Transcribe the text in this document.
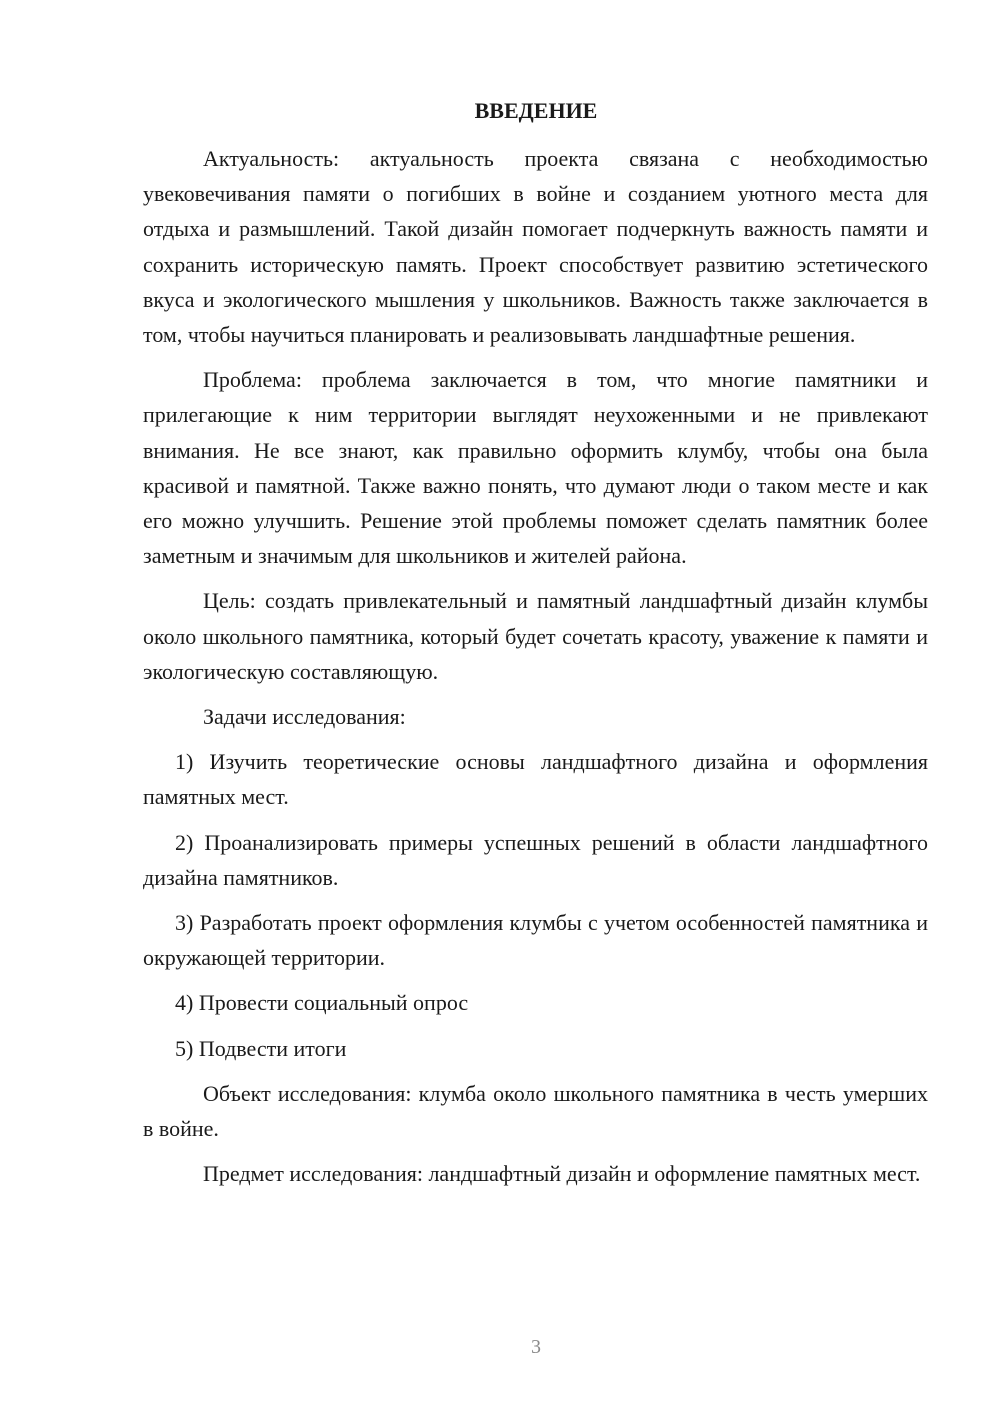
ВВЕДЕНИЕ

Актуальность: актуальность проекта связана с необходимостью увековечивания памяти о погибших в войне и созданием уютного места для отдыха и размышлений. Такой дизайн помогает подчеркнуть важность памяти и сохранить историческую память. Проект способствует развитию эстетического вкуса и экологического мышления у школьников. Важность также заключается в том, чтобы научиться планировать и реализовывать ландшафтные решения.

Проблема: проблема заключается в том, что многие памятники и прилегающие к ним территории выглядят неухоженными и не привлекают внимания. Не все знают, как правильно оформить клумбу, чтобы она была красивой и памятной. Также важно понять, что думают люди о таком месте и как его можно улучшить. Решение этой проблемы поможет сделать памятник более заметным и значимым для школьников и жителей района.

Цель: создать привлекательный и памятный ландшафтный дизайн клумбы около школьного памятника, который будет сочетать красоту, уважение к памяти и экологическую составляющую.

Задачи исследования:

1) Изучить теоретические основы ландшафтного дизайна и оформления памятных мест.

2) Проанализировать примеры успешных решений в области ландшафтного дизайна памятников.

3) Разработать проект оформления клумбы с учетом особенностей памятника и окружающей территории.

4) Провести социальный опрос

5) Подвести итоги

Объект исследования: клумба около школьного памятника в честь умерших в войне.

Предмет исследования: ландшафтный дизайн и оформление памятных мест.

3
